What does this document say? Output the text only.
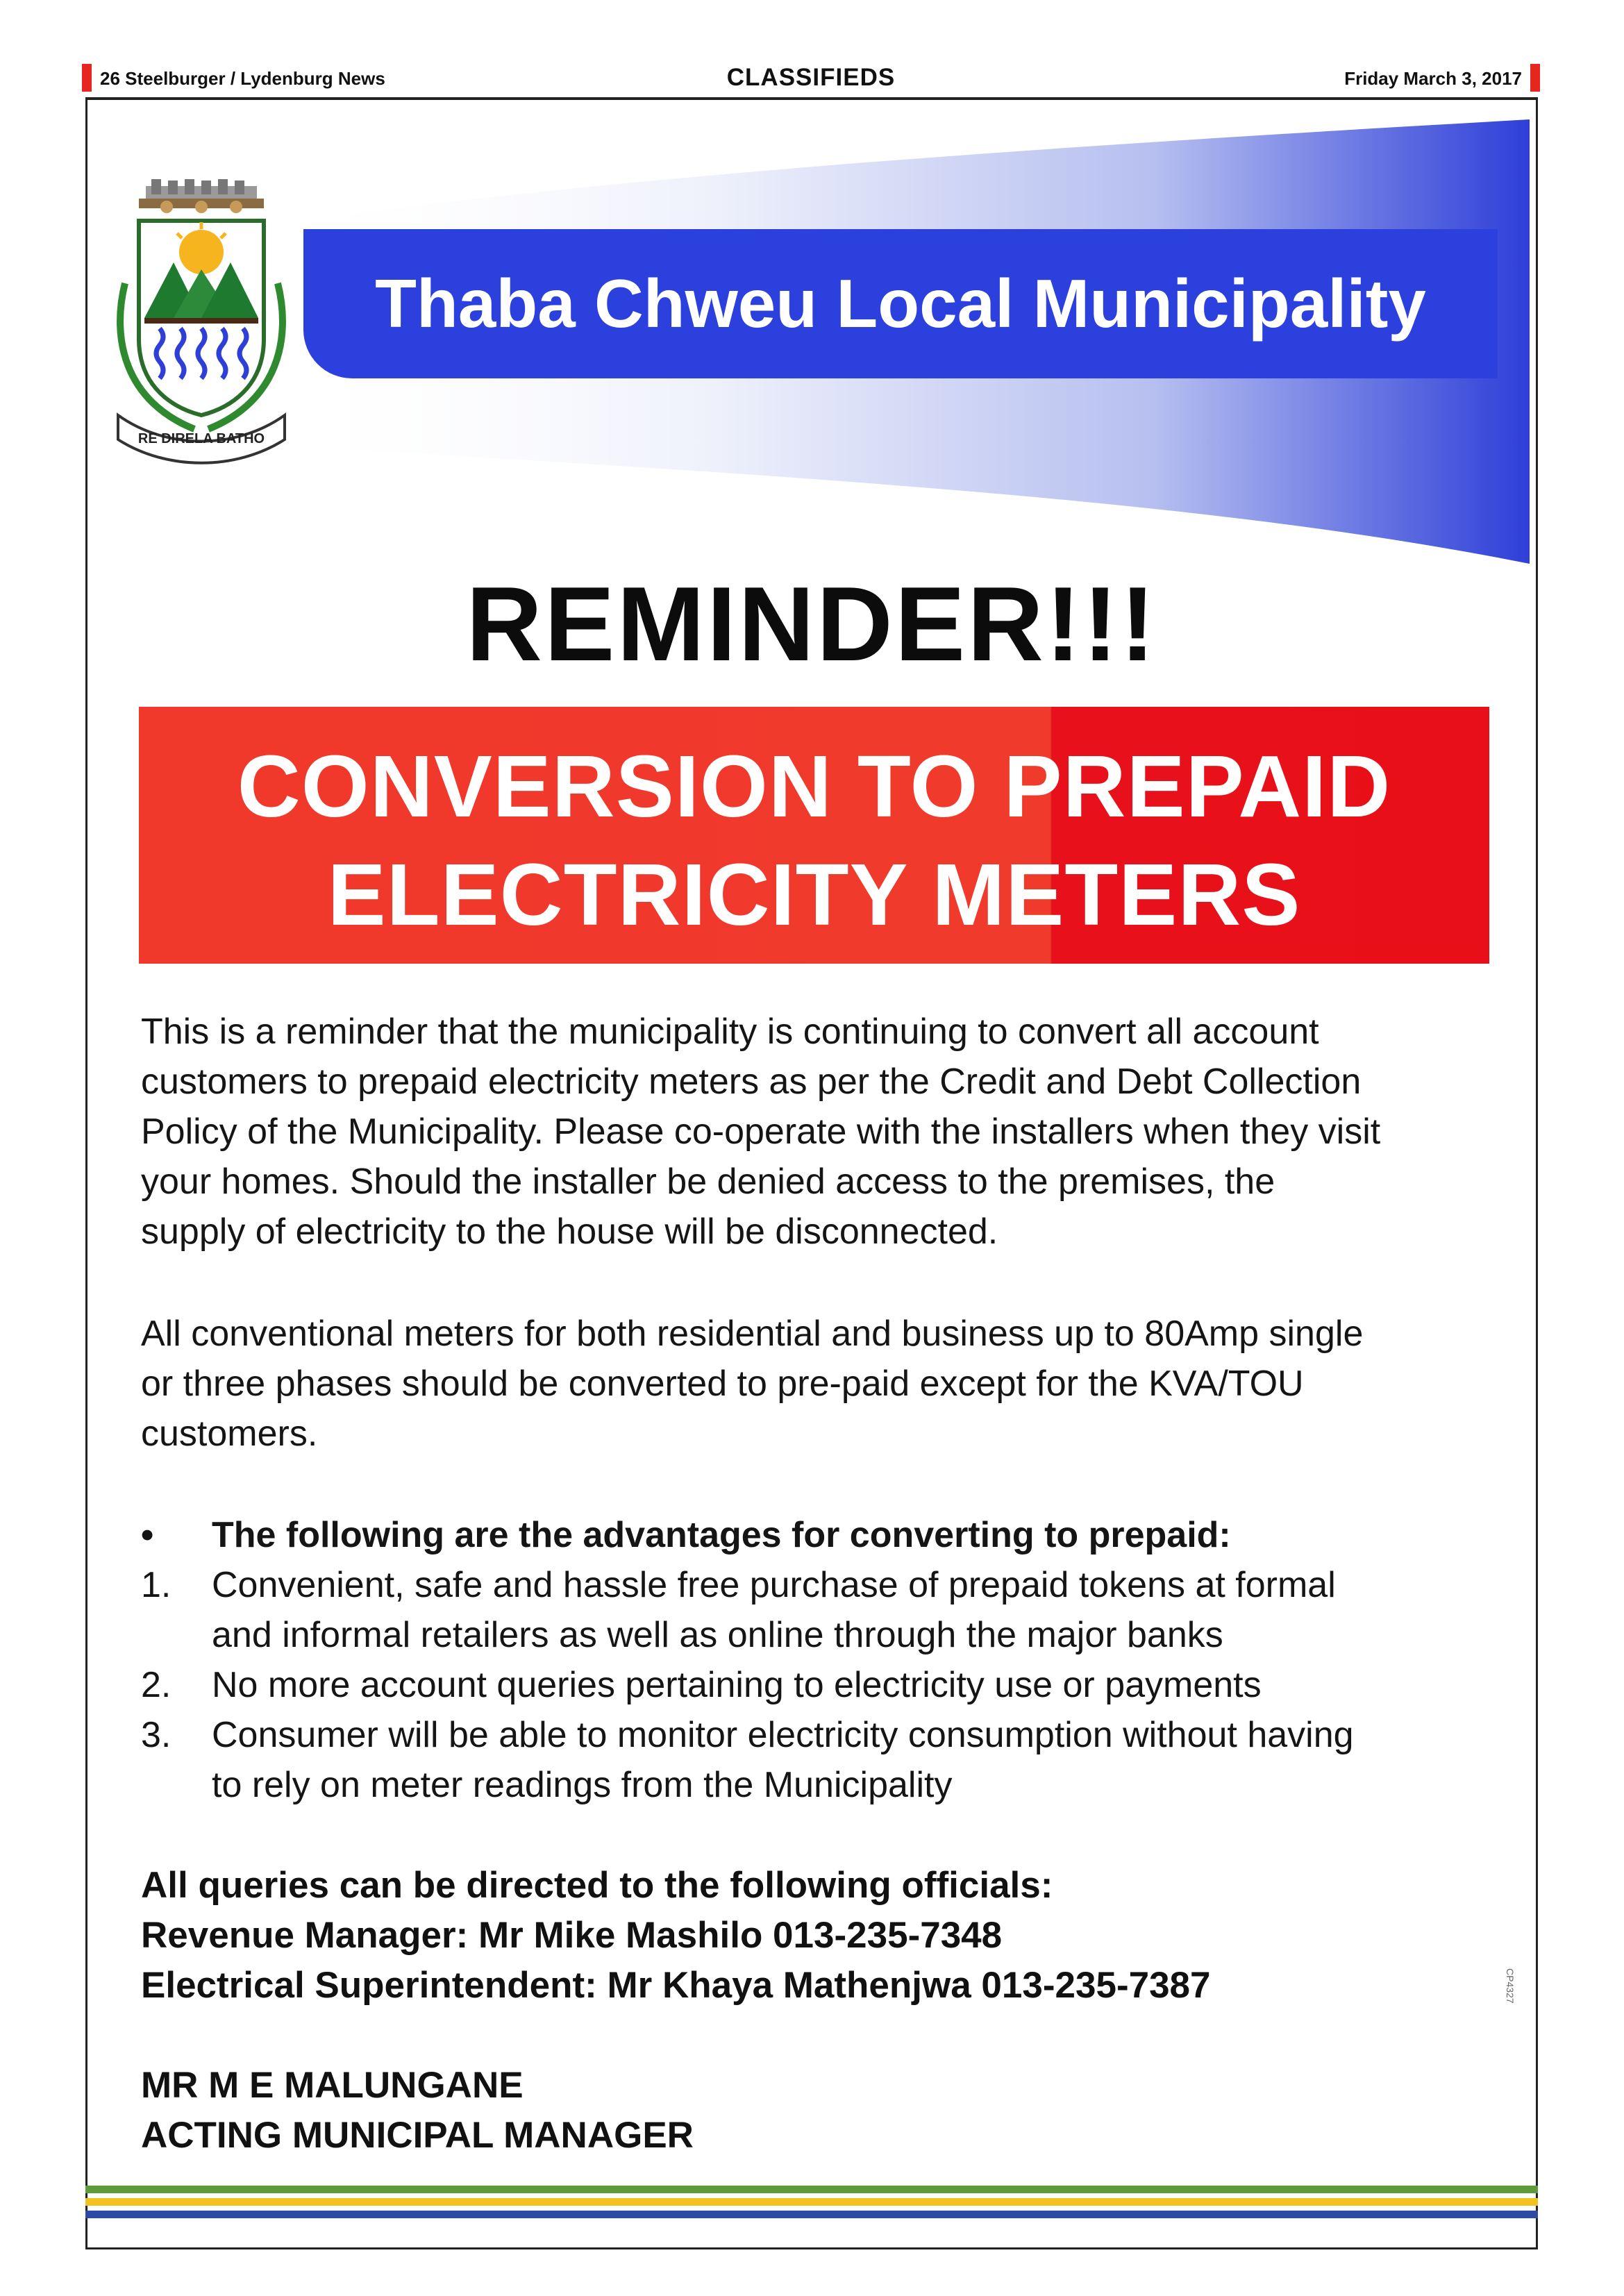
26 Steelburger / Lydenburg News	CLASSIFIEDS	Friday March 3, 2017
Thaba Chweu Local Municipality
RE DIRELA BATHO
REMINDER!!!
CONVERSION TO PREPAID
ELECTRICITY METERS
This is a reminder that the municipality is continuing to convert all account
customers to prepaid electricity meters as per the Credit and Debt Collection
Policy of the Municipality. Please co-operate with the installers when they visit
your homes. Should the installer be denied access to the premises, the
supply of electricity to the house will be disconnected.
All conventional meters for both residential and business up to 80Amp single
or three phases should be converted to pre-paid except for the KVA/TOU
customers.
• The following are the advantages for converting to prepaid:
1. Convenient, safe and hassle free purchase of prepaid tokens at formal
and informal retailers as well as online through the major banks
2. No more account queries pertaining to electricity use or payments
3. Consumer will be able to monitor electricity consumption without having
to rely on meter readings from the Municipality
All queries can be directed to the following officials:
Revenue Manager: Mr Mike Mashilo 013-235-7348
Electrical Superintendent: Mr Khaya Mathenjwa 013-235-7387
MR M E MALUNGANE
ACTING MUNICIPAL MANAGER
CP4327
